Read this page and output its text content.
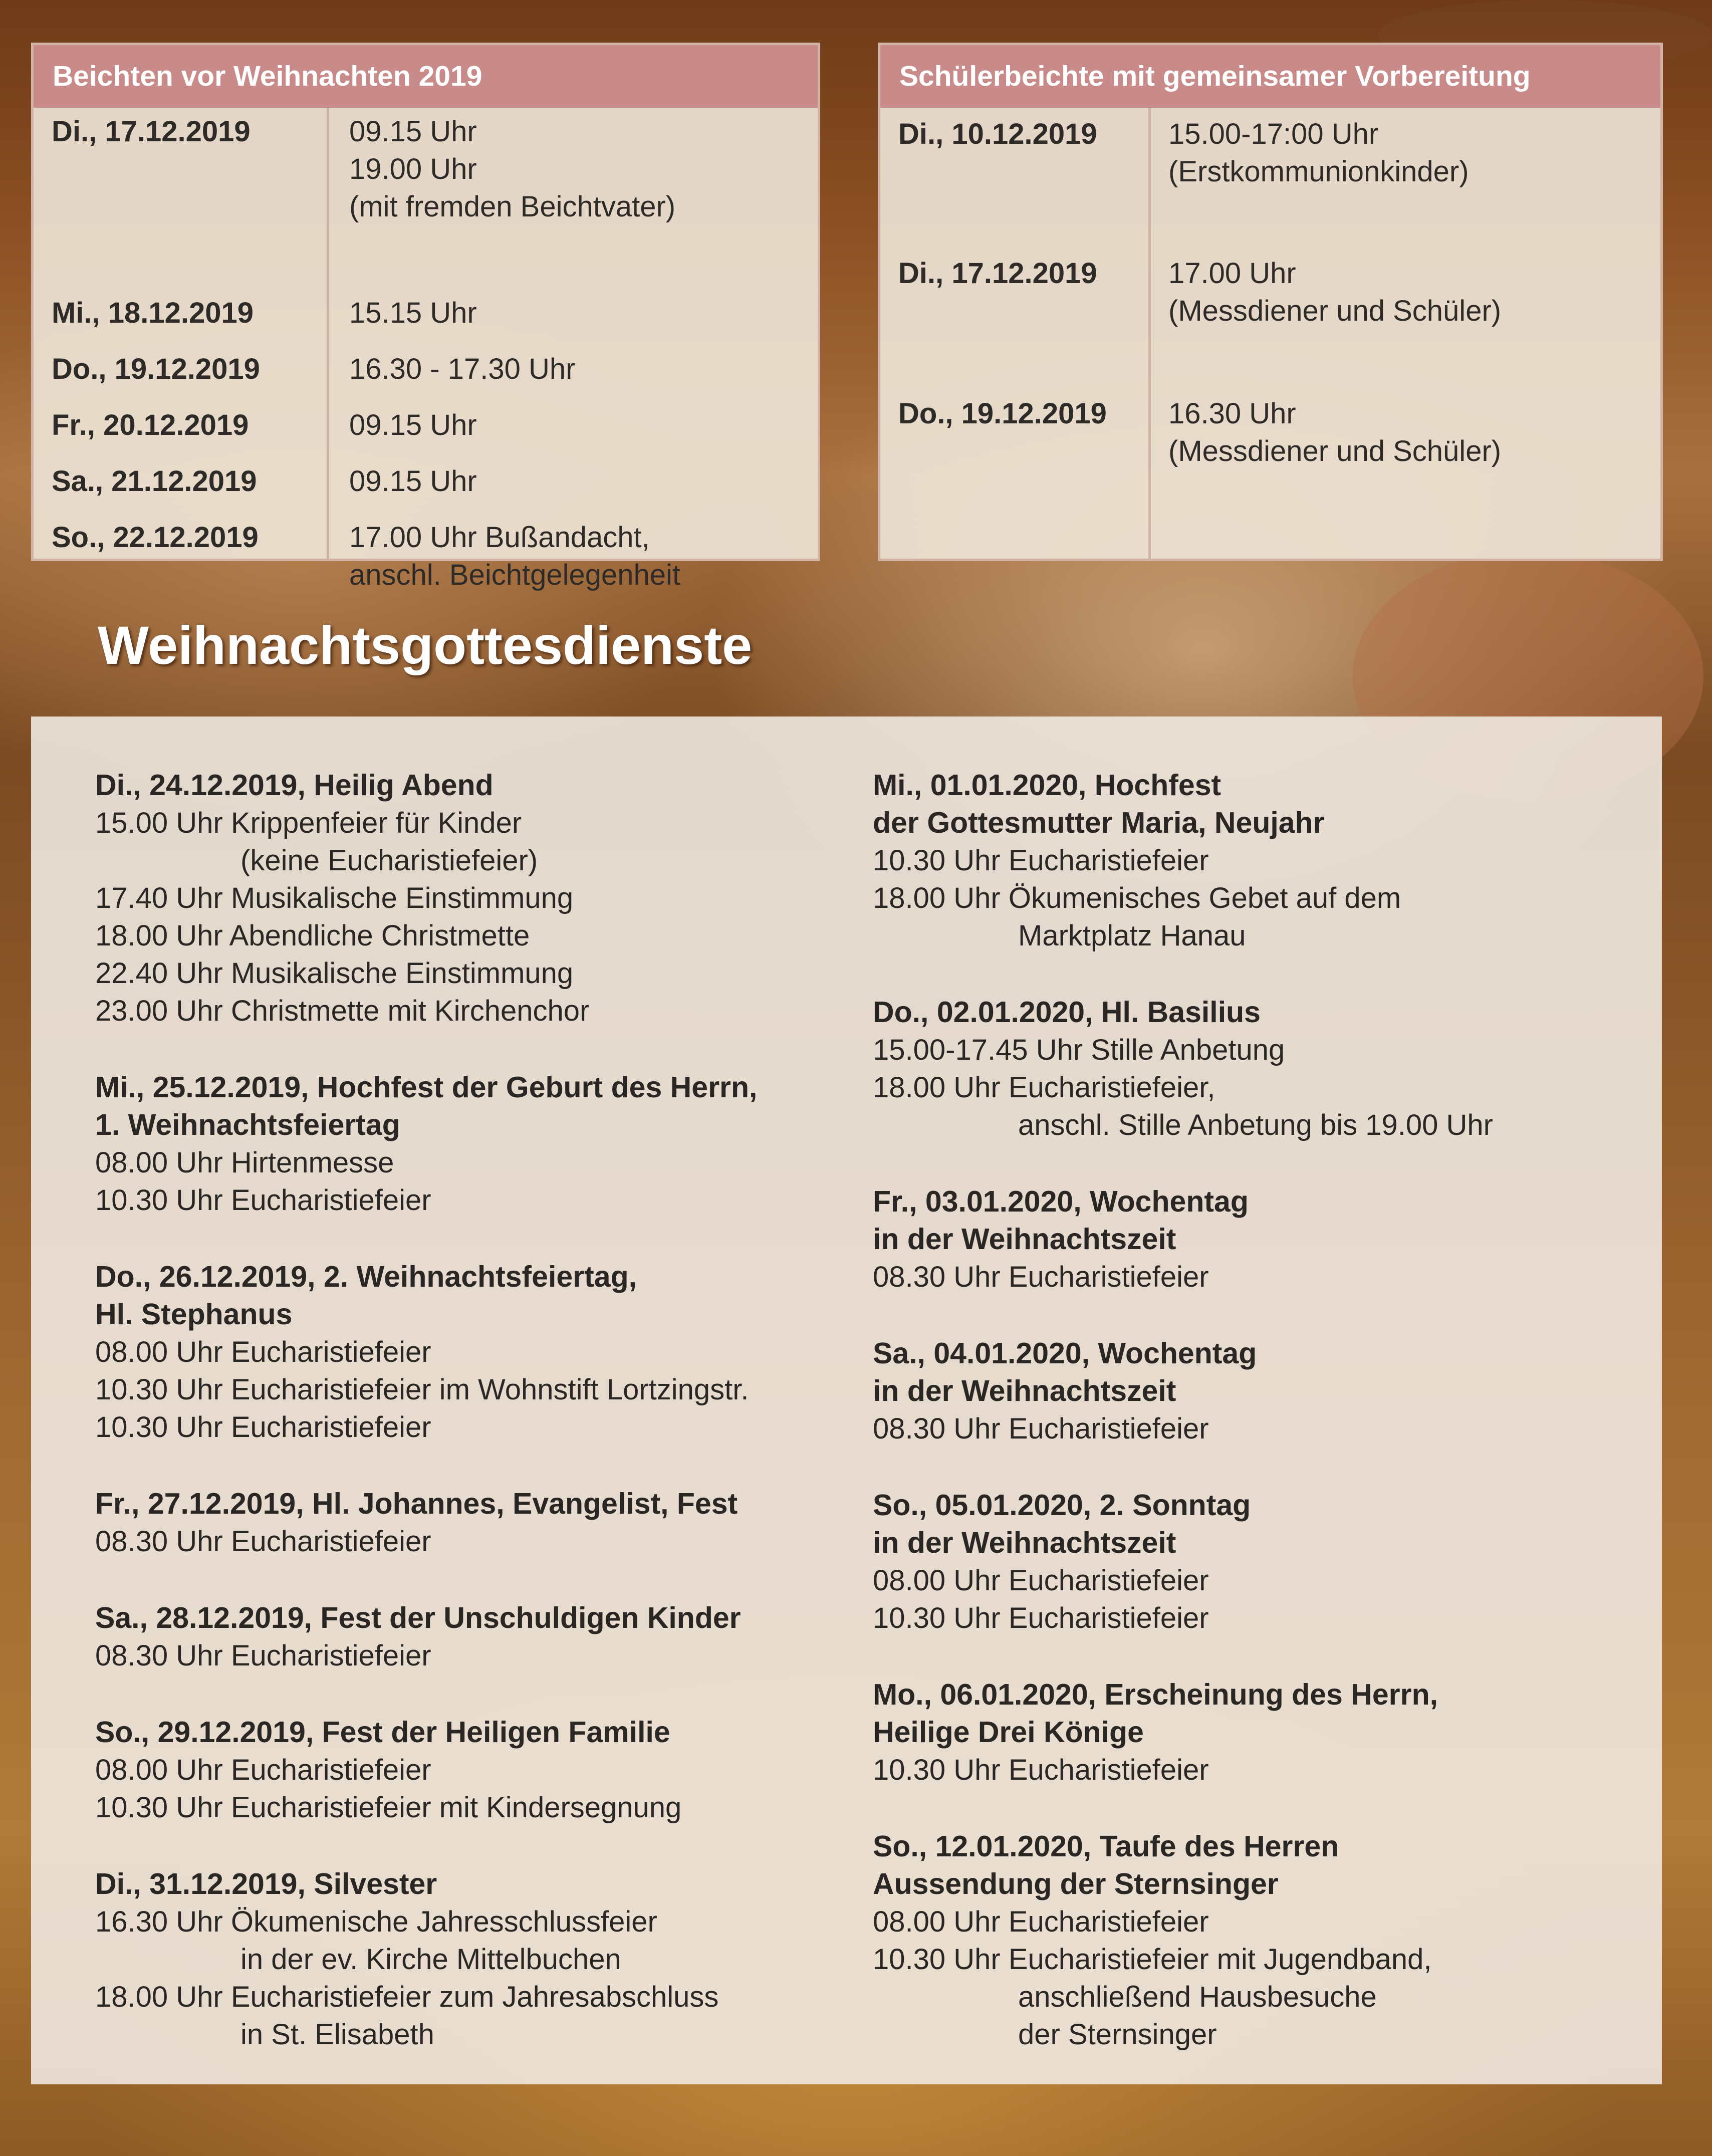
Beichten vor Weihnachten 2019
Di., 17.12.2019	09.15 Uhr
19.00 Uhr
(mit fremden Beichtvater)
Mi., 18.12.2019	15.15 Uhr
Do., 19.12.2019	16.30 - 17.30 Uhr
Fr., 20.12.2019	09.15 Uhr
Sa., 21.12.2019	09.15 Uhr
So., 22.12.2019	17.00 Uhr Bußandacht,
anschl. Beichtgelegenheit
Schülerbeichte mit gemeinsamer Vorbereitung
Di., 10.12.2019 15.00-17:00 Uhr
(Erstkommunionkinder)
Di., 17.12.2019 17.00 Uhr
(Messdiener und Schüler)
Do., 19.12.2019 16.30 Uhr
(Messdiener und Schüler)
Weihnachtsgottesdienste
Di., 24.12.2019, Heilig Abend
15.00 Uhr Krippenfeier für Kinder
(keine Eucharistiefeier)
17.40 Uhr Musikalische Einstimmung
18.00 Uhr Abendliche Christmette
22.40 Uhr Musikalische Einstimmung
23.00 Uhr Christmette mit Kirchenchor
Mi., 25.12.2019, Hochfest der Geburt des Herrn,
1. Weihnachtsfeiertag
08.00 Uhr Hirtenmesse
10.30 Uhr Eucharistiefeier
Do., 26.12.2019, 2. Weihnachtsfeiertag,
Hl. Stephanus
08.00 Uhr Eucharistiefeier
10.30 Uhr Eucharistiefeier im Wohnstift Lortzingstr.
10.30 Uhr Eucharistiefeier
Fr., 27.12.2019, Hl. Johannes, Evangelist, Fest
08.30 Uhr Eucharistiefeier
Sa., 28.12.2019, Fest der Unschuldigen Kinder
08.30 Uhr Eucharistiefeier
So., 29.12.2019, Fest der Heiligen Familie
08.00 Uhr Eucharistiefeier
10.30 Uhr Eucharistiefeier mit Kindersegnung
Di., 31.12.2019, Silvester
16.30 Uhr Ökumenische Jahresschlussfeier
in der ev. Kirche Mittelbuchen
18.00 Uhr Eucharistiefeier zum Jahresabschluss
in St. Elisabeth
Mi., 01.01.2020, Hochfest
der Gottesmutter Maria, Neujahr
10.30 Uhr Eucharistiefeier
18.00 Uhr Ökumenisches Gebet auf dem
Marktplatz Hanau
Do., 02.01.2020, Hl. Basilius
15.00-17.45 Uhr Stille Anbetung
18.00 Uhr Eucharistiefeier,
anschl. Stille Anbetung bis 19.00 Uhr
Fr., 03.01.2020, Wochentag
in der Weihnachtszeit
08.30 Uhr Eucharistiefeier
Sa., 04.01.2020, Wochentag
in der Weihnachtszeit
08.30 Uhr Eucharistiefeier
So., 05.01.2020, 2. Sonntag
in der Weihnachtszeit
08.00 Uhr Eucharistiefeier
10.30 Uhr Eucharistiefeier
Mo., 06.01.2020, Erscheinung des Herrn,
Heilige Drei Könige
10.30 Uhr Eucharistiefeier
So., 12.01.2020, Taufe des Herren
Aussendung der Sternsinger
08.00 Uhr Eucharistiefeier
10.30 Uhr Eucharistiefeier mit Jugendband,
anschließend Hausbesuche
der Sternsinger
